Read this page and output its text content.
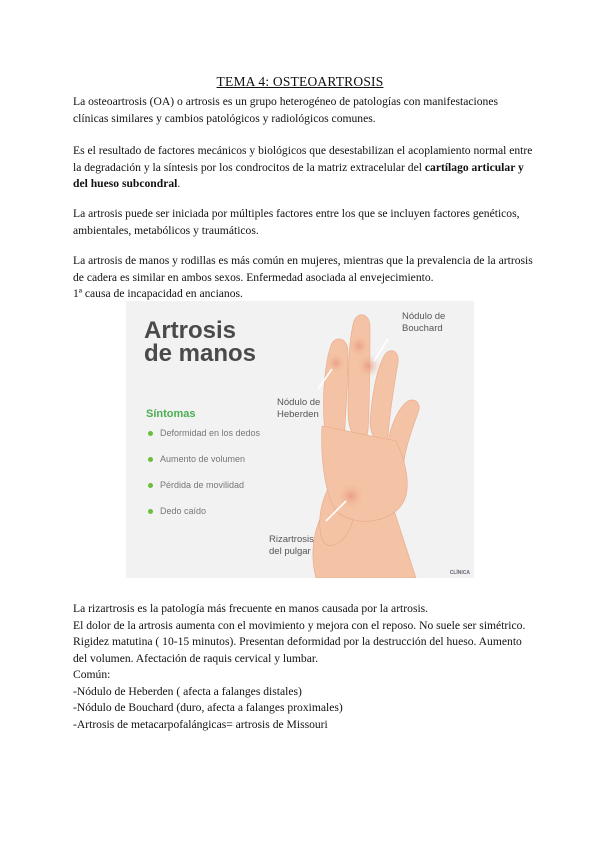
TEMA 4: OSTEOARTROSIS

La osteoartrosis (OA) o artrosis es un grupo heterogéneo de patologías con manifestaciones clínicas similares y cambios patológicos y radiológicos comunes.

Es el resultado de factores mecánicos y biológicos que desestabilizan el acoplamiento normal entre la degradación y la síntesis por los condrocitos de la matriz extracelular del cartílago articular y del hueso subcondral.

La artrosis puede ser iniciada por múltiples factores entre los que se incluyen factores genéticos, ambientales, metabólicos y traumáticos.

La artrosis de manos y rodillas es más común en mujeres, mientras que la prevalencia de la artrosis de cadera es similar en ambos sexos. Enfermedad asociada al envejecimiento.
1ª causa de incapacidad en ancianos.

Artrosis
de manos

Síntomas

Deformidad en los dedos
Aumento de volumen
Pérdida de movilidad
Dedo caído

Nódulo de
Bouchard

Nódulo de
Heberden

Rizartrosis
del pulgar

CLÍNICA

La rizartrosis es la patología más frecuente en manos causada por la artrosis.
El dolor de la artrosis aumenta con el movimiento y mejora con el reposo. No suele ser simétrico. Rigidez matutina ( 10-15 minutos). Presentan deformidad por la destrucción del hueso. Aumento del volumen. Afectación de raquis cervical y lumbar.

Común:
-Nódulo de Heberden ( afecta a falanges distales)
-Nódulo de Bouchard (duro, afecta a falanges proximales)
-Artrosis de metacarpofalángicas= artrosis de Missouri
